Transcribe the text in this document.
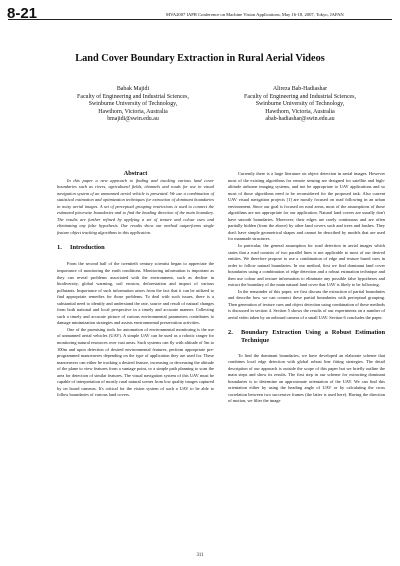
8-21	MVA2007 IAPR Conference on Machine Vision Applications, May 16-18, 2007, Tokyo, JAPAN
Land Cover Boundary Extraction in Rural Aerial Videos
Babak Majidi
Faculty of Engineering and Industrial Sciences,
Swinburne University of Technology,
Hawthorn, Victoria, Australia
bmajidi@swin.edu.au
Alireza Bab-Hadiashar
Faculty of Engineering and Industrial Sciences,
Swinburne University of Technology,
Hawthorn, Victoria, Australia
abab-hadiashar@swin.edu.au

Abstract

In this paper a new approach to finding and tracking various land cover boundaries such as rivers, agricultural fields, channels and roads for use in visual navigation system of an unmanned aerial vehicle is presented. We use a combination of statistical estimation and optimization techniques for extraction of dominant boundaries in noisy aerial images. A set of perceptual grouping restrictions is used to connect the estimated piecewise boundaries and to find the heading direction of the main boundary. The results are further refined by applying a set of texture and colour cues and eliminating any false hypothesis. Our results show our method outperforms single feature object tracking algorithms in this application.

1.	Introduction

From the second half of the twentieth century scientist began to appreciate the importance of monitoring the earth conditions. Monitoring information is important as they can reveal problems associated with the environment, such as decline in biodiversity, global warming, soil erosion, deforestation and impact of various pollutants. Importance of such information arises from the fact that it can be utilized to find appropriate remedies for those problems. To deal with such issues, there is a substantial need to identify and understand the rate, source and result of natural changes from both national and local perspective in a timely and accurate manner. Collecting such a timely and accurate picture of various environmental parameters contributes to damage minimization strategies and assists environmental preservation activities.

One of the promising tools for automation of environmental monitoring is the use of unmanned aerial vehicles (UAV). A simple UAV can be used as a robotic ranger for monitoring natural resources over vast areas. Such systems can fly with altitude of 5m to 100m and upon detection of desired environmental features, perform appropriate pre-programmed manoeuvres depending on the type of application they are used for. These manoeuvres can either be tracking a desired feature, increasing or decreasing the altitude of the plane to view features from a vantage point, or a simple path planning to scan the area for detection of similar features. The visual navigation system of this UAV must be capable of interpretation of mostly rural natural scenes from low quality images captured by on board cameras. It's critical for the vision system of such a UAV to be able to follow boundaries of various land covers.

Currently there is a large literature on object detection in aerial images. However most of the existing algorithms for remote sensing are designed for satellite and high-altitude airborne imaging systems, and not be appropriate to UAV applications and so most of those algorithms need to be reconsidered for the proposed task. Also current UAV visual navigation projects [1] are mostly focused on road following in an urban environment. Since our goal is focused on rural areas, most of the assumptions of those algorithms are not appropriate for our application. Natural land covers are usually don't have smooth boundaries. Moreover, their edges are rarely continuous and are often partially hidden (from the above) by other land covers such and trees and bushes. They don't have simple geometrical shapes and cannot be described by models that are used for manmade structures.

In particular, the general assumption for road detection in aerial images which states that a road consists of two parallel lines is not applicable to most of our desired entities. We therefore propose to use a combination of edge and texture based cues in order to follow natural boundaries. In our method, first we find dominant land cover boundaries using a combination of edge detection and a robust estimation technique and then use colour and texture information to eliminate any possible false hypotheses and extract the boundary of the main natural land cover that UAV is likely to be following.

In the remainder of this paper, we first discuss the extraction of partial boundaries and describe how we can connect these partial boundaries with perceptual grouping. Then generation of texture cues and object detection using combination of these methods is discussed in section 4. Section 5 shows the results of our experiments on a number of aerial video taken by an onboard camera of a small UAV. Section 6 concludes the paper.

2.	Boundary Extraction Using a Robust Estimation Technique

To find the dominant boundaries, we have developed an elaborate scheme that combines local edge detection with global robust line fitting strategies. The detail description of our approach is outside the scope of this paper but we briefly outline the main steps and show its results. The first step in our scheme for extracting dominant boundaries is to determine an approximate orientation of the UAV. We can find this orientation either by using the heading angle of UAV or by calculating the cross correlation between two successive frames (the latter is used here). Having the direction of motion, we filter the image

311
